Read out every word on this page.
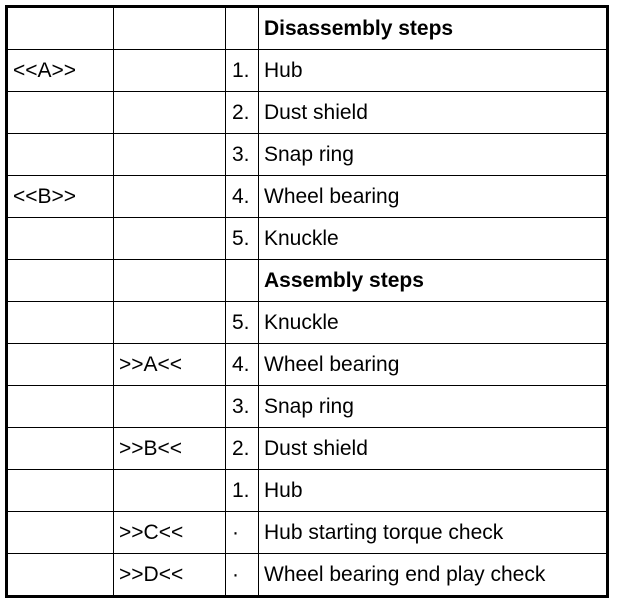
			Disassembly steps
<<A>>		1.	Hub
		2.	Dust shield
		3.	Snap ring
<<B>>		4.	Wheel bearing
		5.	Knuckle
			Assembly steps
		5.	Knuckle
	>>A<<	4.	Wheel bearing
		3.	Snap ring
	>>B<<	2.	Dust shield
		1.	Hub
	>>C<<	·	Hub starting torque check
	>>D<<	·	Wheel bearing end play check
